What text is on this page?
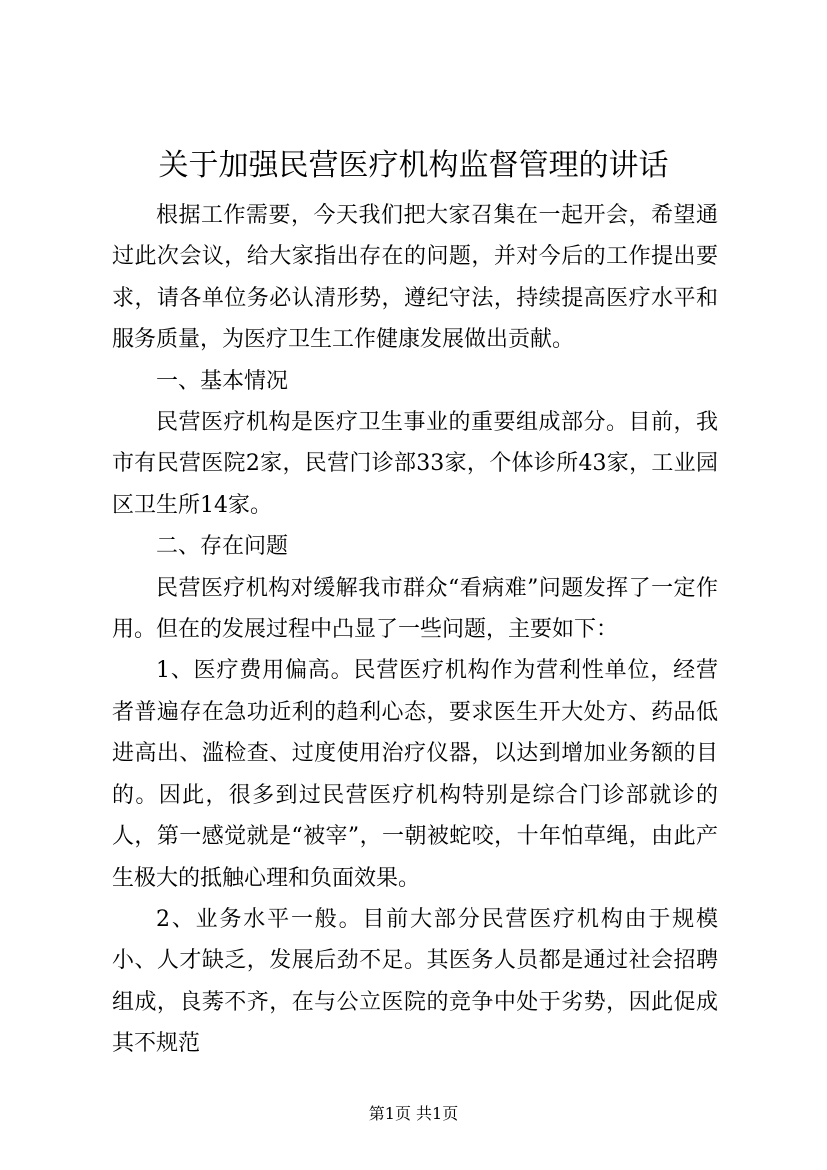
关于加强民营医疗机构监督管理的讲话

根据工作需要，今天我们把大家召集在一起开会，希望通过此次会议，给大家指出存在的问题，并对今后的工作提出要求，请各单位务必认清形势，遵纪守法，持续提高医疗水平和服务质量，为医疗卫生工作健康发展做出贡献。

一、基本情况

民营医疗机构是医疗卫生事业的重要组成部分。目前，我市有民营医院2家，民营门诊部33家，个体诊所43家，工业园区卫生所14家。

二、存在问题

民营医疗机构对缓解我市群众“看病难”问题发挥了一定作用。但在的发展过程中凸显了一些问题，主要如下：

1、医疗费用偏高。民营医疗机构作为营利性单位，经营者普遍存在急功近利的趋利心态，要求医生开大处方、药品低进高出、滥检查、过度使用治疗仪器，以达到增加业务额的目的。因此，很多到过民营医疗机构特别是综合门诊部就诊的人，第一感觉就是“被宰”，一朝被蛇咬，十年怕草绳，由此产生极大的抵触心理和负面效果。

2、业务水平一般。目前大部分民营医疗机构由于规模小、人才缺乏，发展后劲不足。其医务人员都是通过社会招聘组成，良莠不齐，在与公立医院的竞争中处于劣势，因此促成其不规范

第1页 共1页
